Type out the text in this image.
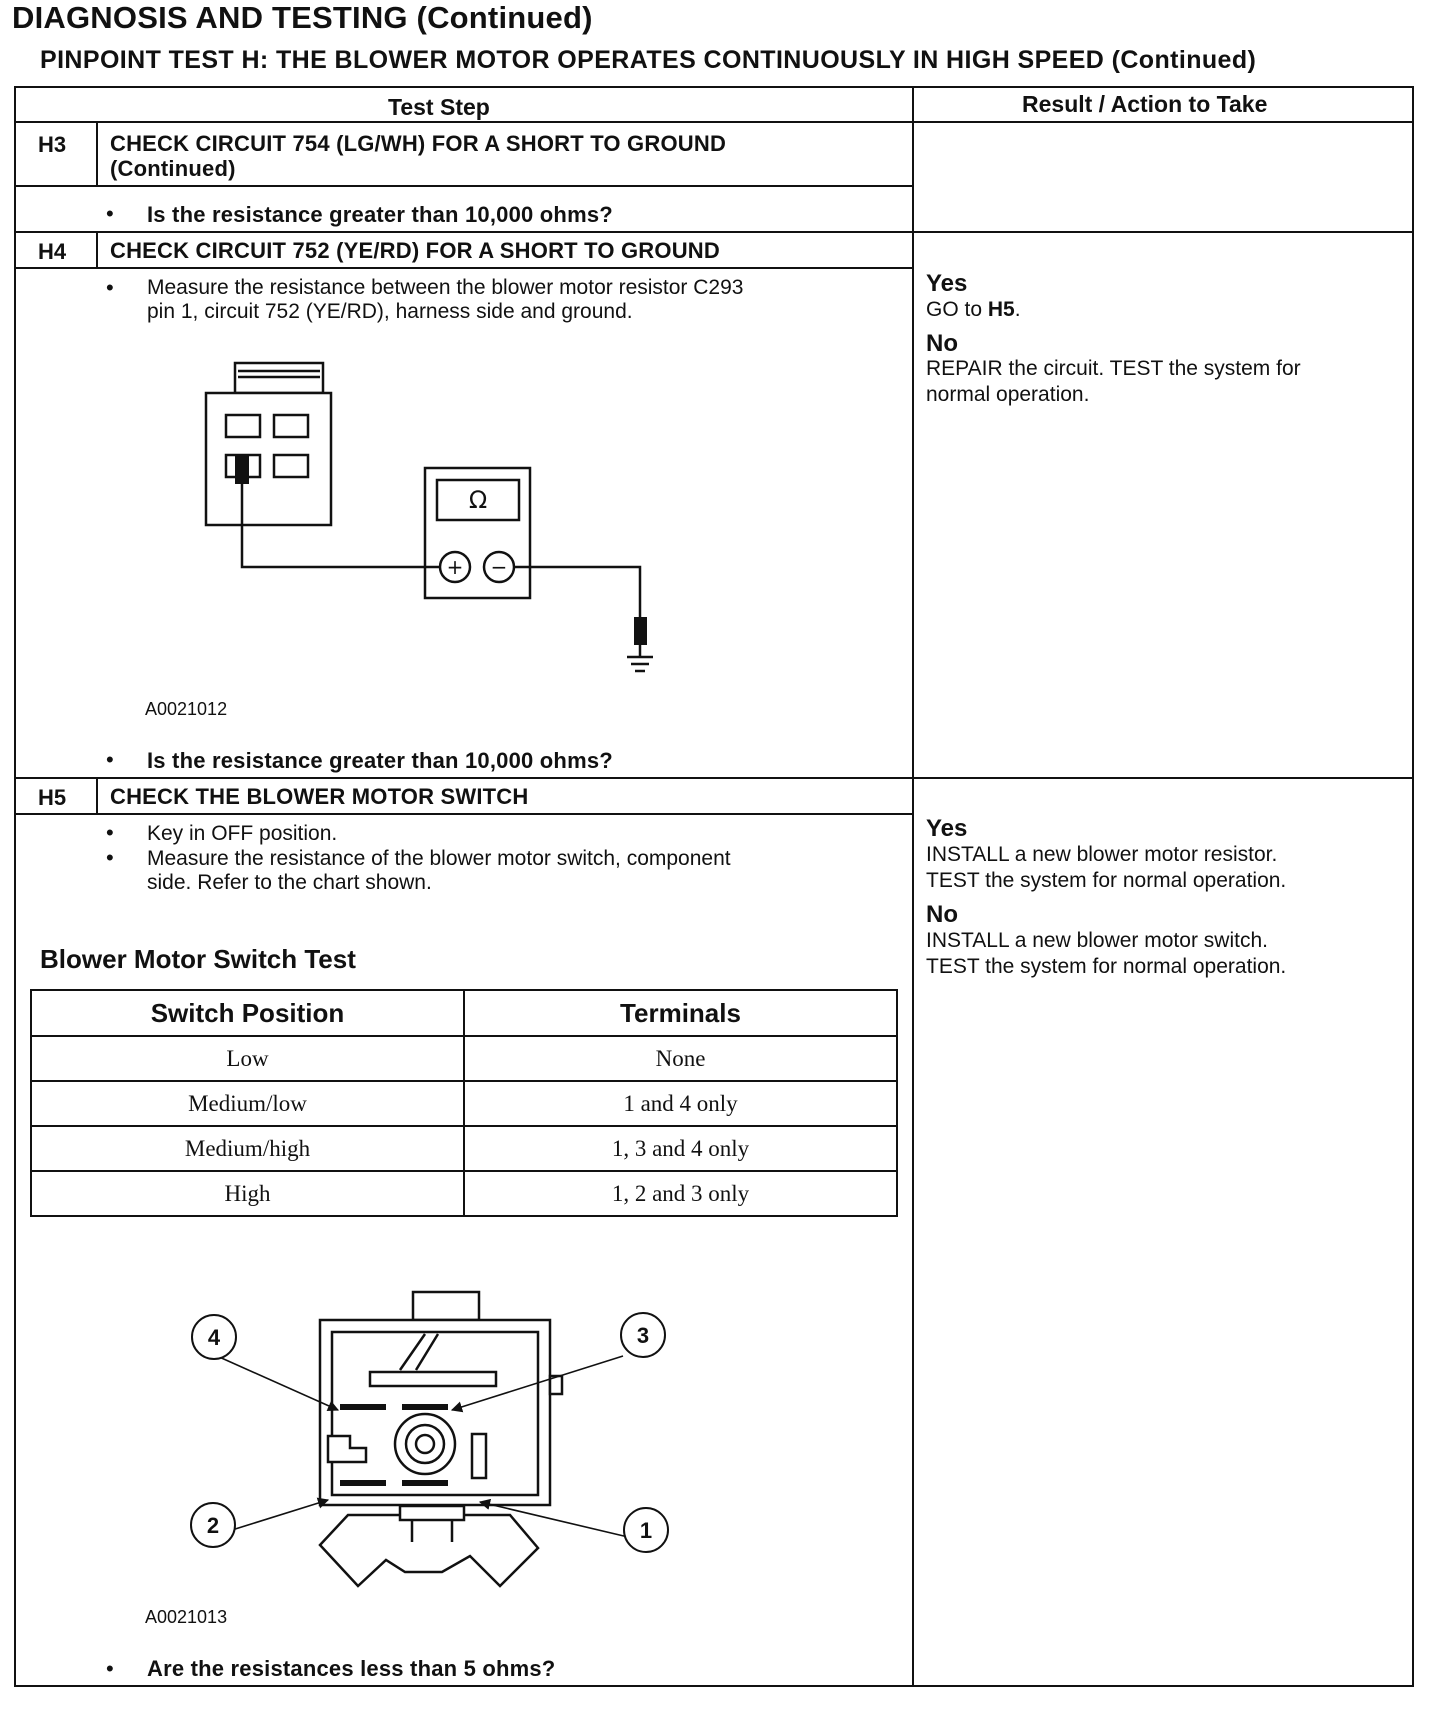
DIAGNOSIS AND TESTING (Continued)
PINPOINT TEST H: THE BLOWER MOTOR OPERATES CONTINUOUSLY IN HIGH SPEED (Continued)
Test Step	Result / Action to Take
H3 CHECK CIRCUIT 754 (LG/WH) FOR A SHORT TO GROUND
(Continued)
• Is the resistance greater than 10,000 ohms?
H4 CHECK CIRCUIT 752 (YE/RD) FOR A SHORT TO GROUND
• Measure the resistance between the blower motor resistor C293
pin 1, circuit 752 (YE/RD), harness side and ground.
Ω
+ −
A0021012
• Is the resistance greater than 10,000 ohms?
Yes
GO to H5.
No
REPAIR the circuit. TEST the system for
normal operation.
H5 CHECK THE BLOWER MOTOR SWITCH
• Key in OFF position.
• Measure the resistance of the blower motor switch, component
side. Refer to the chart shown.
Blower Motor Switch Test
Switch Position	Terminals
Low	None
Medium/low	1 and 4 only
Medium/high	1, 3 and 4 only
High	1, 2 and 3 only
4	3
2	1
A0021013
• Are the resistances less than 5 ohms?
Yes
INSTALL a new blower motor resistor.
TEST the system for normal operation.
No
INSTALL a new blower motor switch.
TEST the system for normal operation.
